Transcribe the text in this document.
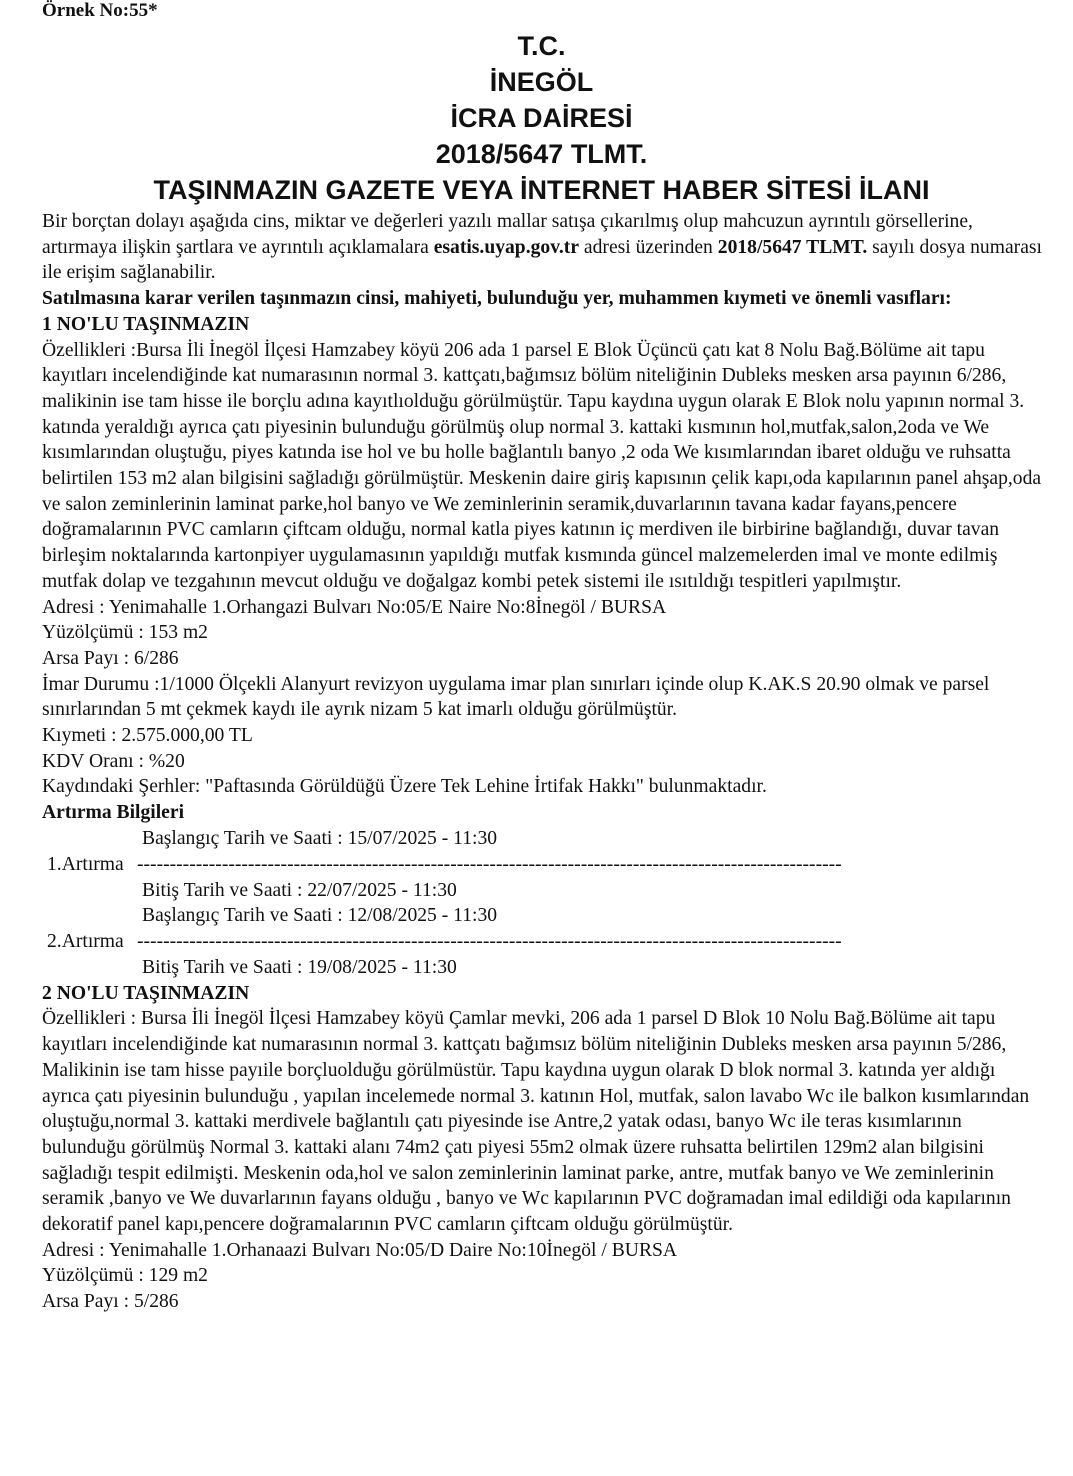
Örnek No:55*
T.C.
İNEGÖL
İCRA DAİRESİ
2018/5647 TLMT.
TAŞINMAZIN GAZETE VEYA İNTERNET HABER SİTESİ İLANI

Bir borçtan dolayı aşağıda cins, miktar ve değerleri yazılı mallar satışa çıkarılmış olup mahcuzun ayrıntılı görsellerine, artırmaya ilişkin şartlara ve ayrıntılı açıklamalara esatis.uyap.gov.tr adresi üzerinden 2018/5647 TLMT. sayılı dosya numarası ile erişim sağlanabilir.

Satılmasına karar verilen taşınmazın cinsi, mahiyeti, bulunduğu yer, muhammen kıymeti ve önemli vasıfları:

1 NO'LU TAŞINMAZIN

Özellikleri :Bursa İli İnegöl İlçesi Hamzabey köyü 206 ada 1 parsel E Blok Üçüncü çatı kat 8 Nolu Bağ.Bölüme ait tapu kayıtları incelendiğinde kat numarasının normal 3. kattçatı,bağımsız bölüm niteliğinin Dubleks mesken arsa payının 6/286, malikinin ise tam hisse ile borçlu adına kayıtlıolduğu görülmüştür. Tapu kaydına uygun olarak E Blok nolu yapının normal 3. katında yeraldığı ayrıca çatı piyesinin bulunduğu görülmüş olup normal 3. kattaki kısmının hol,mutfak,salon,2oda ve We kısımlarından oluştuğu, piyes katında ise hol ve bu holle bağlantılı banyo ,2 oda We kısımlarından ibaret olduğu ve ruhsatta belirtilen 153 m2 alan bilgisini sağladığı görülmüştür. Meskenin daire giriş kapısının çelik kapı,oda kapılarının panel ahşap,oda ve salon zeminlerinin laminat parke,hol banyo ve We zeminlerinin seramik,duvarlarının tavana kadar fayans,pencere doğramalarının PVC camların çiftcam olduğu, normal katla piyes katının iç merdiven ile birbirine bağlandığı, duvar tavan birleşim noktalarında kartonpiyer uygulamasının yapıldığı mutfak kısmında güncel malzemelerden imal ve monte edilmiş mutfak dolap ve tezgahının mevcut olduğu ve doğalgaz kombi petek sistemi ile ısıtıldığı tespitleri yapılmıştır.

Adresi : Yenimahalle 1.Orhangazi Bulvarı No:05/E Naire No:8İnegöl / BURSA

Yüzölçümü : 153 m2

Arsa Payı : 6/286

İmar Durumu :1/1000 Ölçekli Alanyurt revizyon uygulama imar plan sınırları içinde olup K.AK.S 20.90 olmak ve parsel sınırlarından 5 mt çekmek kaydı ile ayrık nizam 5 kat imarlı olduğu görülmüştür.

Kıymeti : 2.575.000,00 TL

KDV Oranı : %20

Kaydındaki Şerhler: "Paftasında Görüldüğü Üzere Tek Lehine İrtifak Hakkı" bulunmaktadır.

Artırma Bilgileri

Başlangıç Tarih ve Saati : 15/07/2025 - 11:30

1.Artırma

------------------------------------------------------------------------------------------------------------

Bitiş Tarih ve Saati : 22/07/2025 - 11:30
Başlangıç Tarih ve Saati : 12/08/2025 - 11:30

2.Artırma

------------------------------------------------------------------------------------------------------------

Bitiş Tarih ve Saati : 19/08/2025 - 11:30

2 NO'LU TAŞINMAZIN

Özellikleri : Bursa İli İnegöl İlçesi Hamzabey köyü Çamlar mevki, 206 ada 1 parsel D Blok 10 Nolu Bağ.Bölüme ait tapu kayıtları incelendiğinde kat numarasının normal 3. kattçatı bağımsız bölüm niteliğinin Dubleks mesken arsa payının 5/286, Malikinin ise tam hisse payıile borçluolduğu görülmüstür. Tapu kaydına uygun olarak D blok normal 3. katında yer aldığı ayrıca çatı piyesinin bulunduğu , yapılan incelemede normal 3. katının Hol, mutfak, salon lavabo Wc ile balkon kısımlarından oluştuğu,normal 3. kattaki merdivele bağlantılı çatı piyesinde ise Antre,2 yatak odası, banyo Wc ile teras kısımlarının bulunduğu görülmüş Normal 3. kattaki alanı 74m2 çatı piyesi 55m2 olmak üzere ruhsatta belirtilen 129m2 alan bilgisini sağladığı tespit edilmişti. Meskenin oda,hol ve salon zeminlerinin laminat parke, antre, mutfak banyo ve We zeminlerinin seramik ,banyo ve We duvarlarının fayans olduğu , banyo ve Wc kapılarının PVC doğramadan imal edildiği oda kapılarının dekoratif panel kapı,pencere doğramalarının PVC camların çiftcam olduğu görülmüştür.

Adresi : Yenimahalle 1.Orhanaazi Bulvarı No:05/D Daire No:10İnegöl / BURSA

Yüzölçümü : 129 m2

Arsa Payı : 5/286
